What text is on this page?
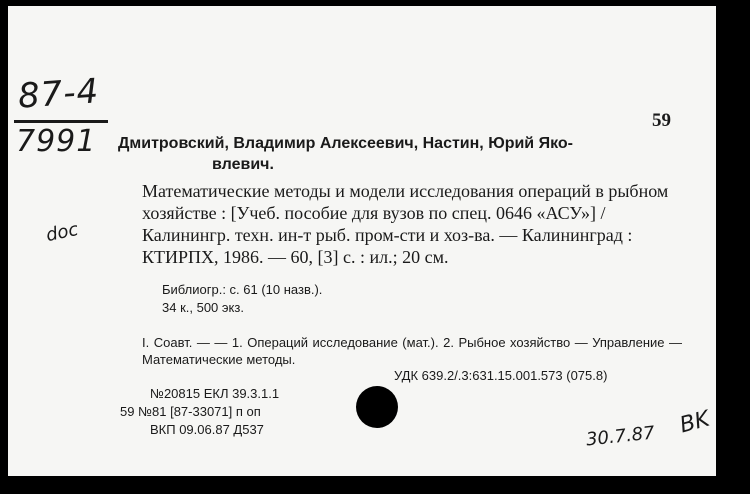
87-4
7991
doc
59
Дмитровский, Владимир Алексеевич, Настин, Юрий Яко-
влевич.
Математические методы и модели исследования операций в рыбном хозяйстве : [Учеб. пособие для вузов по спец. 0646 «АСУ»] / Калинингр. техн. ин-т рыб. пром-сти и хоз-ва. — Калининград : КТИРПХ, 1986. — 60, [3] с. : ил.; 20 см.
Библиогр.: с. 61 (10 назв.).
34 к., 500 экз.
I. Соавт. — — 1. Операций исследование (мат.). 2. Рыбное хозяйство — Управление — Математические методы.
УДК 639.2/.3:631.15.001.573 (075.8)
№20815 ЕКЛ 39.3.1.1
59 №81 [87-33071] п оп
ВКП 09.06.87 Д537	30.7.87 BK
